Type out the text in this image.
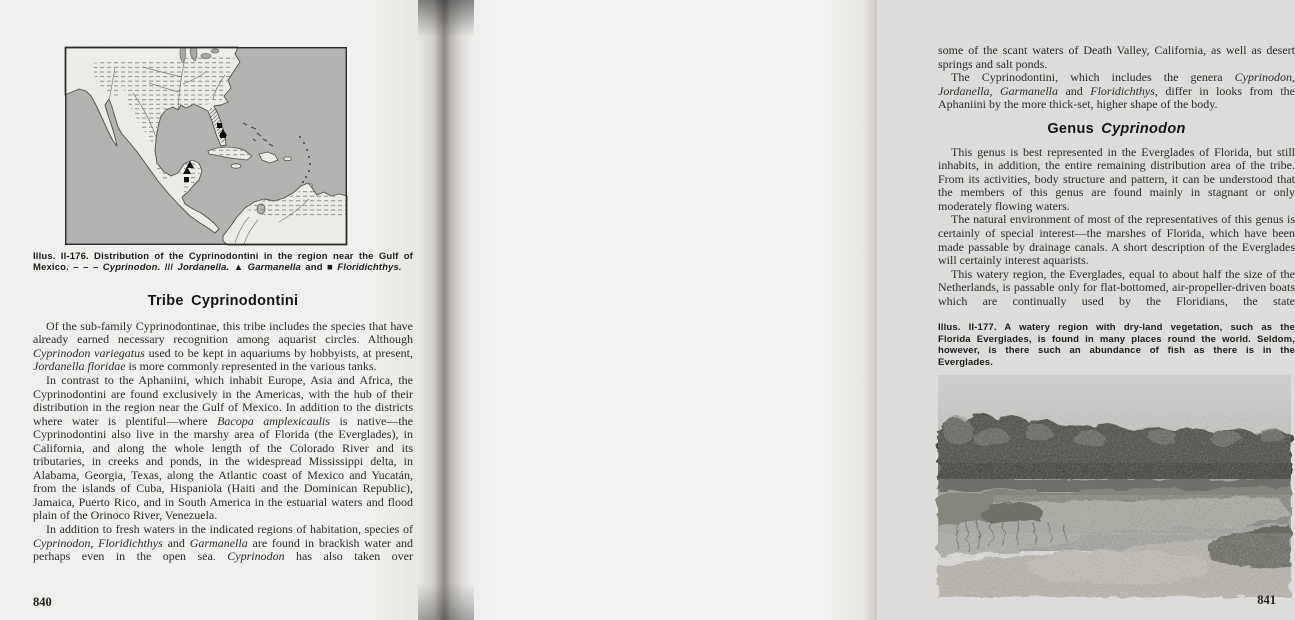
Illus. II-176. Distribution of the Cyprinodontini in the region near the Gulf of Mexico. – – – Cyprinodon. /// Jordanella. ▲ Garmanella and ■ Floridichthys.

Tribe Cyprinodontini

Of the sub-family Cyprinodontinae, this tribe includes the species that have already earned necessary recognition among aquarist circles. Although Cyprinodon variegatus used to be kept in aquariums by hobbyists, at present, Jordanella floridae is more commonly represented in the various tanks.

In contrast to the Aphaniini, which inhabit Europe, Asia and Africa, the Cyprinodontini are found exclusively in the Americas, with the hub of their distribution in the region near the Gulf of Mexico. In addition to the districts where water is plentiful—where Bacopa amplexicaulis is native—the Cyprinodontini also live in the marshy area of Florida (the Everglades), in California, and along the whole length of the Colorado River and its tributaries, in creeks and ponds, in the widespread Mississippi delta, in Alabama, Georgia, Texas, along the Atlantic coast of Mexico and Yucatán, from the islands of Cuba, Hispaniola (Haiti and the Dominican Republic), Jamaica, Puerto Rico, and in South America in the estuarial waters and flood plain of the Orinoco River, Venezuela.

In addition to fresh waters in the indicated regions of habitation, species of Cyprinodon, Floridichthys and Garmanella are found in brackish water and perhaps even in the open sea. Cyprinodon has also taken over

840

some of the scant waters of Death Valley, California, as well as desert springs and salt ponds.

The Cyprinodontini, which includes the genera Cyprinodon, Jordanella, Garmanella and Floridichthys, differ in looks from the Aphaniini by the more thick-set, higher shape of the body.

Genus Cyprinodon

This genus is best represented in the Everglades of Florida, but still inhabits, in addition, the entire remaining distribution area of the tribe. From its activities, body structure and pattern, it can be understood that the members of this genus are found mainly in stagnant or only moderately flowing waters.

The natural environment of most of the representatives of this genus is certainly of special interest—the marshes of Florida, which have been made passable by drainage canals. A short description of the Everglades will certainly interest aquarists.

This watery region, the Everglades, equal to about half the size of the Netherlands, is passable only for flat-bottomed, air-propeller-driven boats which are continually used by the Floridians, the state

Illus. II-177. A watery region with dry-land vegetation, such as the Florida Everglades, is found in many places round the world. Seldom, however, is there such an abundance of fish as there is in the Everglades.

841
